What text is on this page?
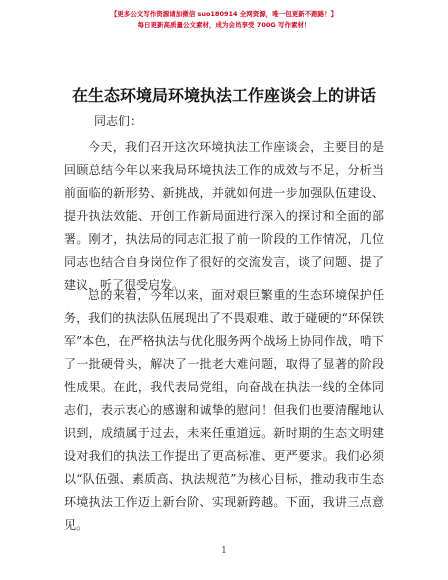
【更多公文写作资源请加微信 suo180914 全网资源，唯一包更新不跑路！】
每日更新高质量公文素材，成为会员享受 700G 写作素材！
在生态环境局环境执法工作座谈会上的讲话
同志们：

今天，我们召开这次环境执法工作座谈会，主要目的是回顾总结今年以来我局环境执法工作的成效与不足，分析当前面临的新形势、新挑战，并就如何进一步加强队伍建设、提升执法效能、开创工作新局面进行深入的探讨和全面的部署。刚才，执法局的同志汇报了前一阶段的工作情况，几位同志也结合自身岗位作了很好的交流发言，谈了问题、提了建议，听了很受启发。

总的来看，今年以来，面对艰巨繁重的生态环境保护任务，我们的执法队伍展现出了不畏艰难、敢于碰硬的“环保铁军”本色，在严格执法与优化服务两个战场上协同作战，啃下了一批硬骨头，解决了一批老大难问题，取得了显著的阶段性成果。在此，我代表局党组，向奋战在执法一线的全体同志们，表示衷心的感谢和诚挚的慰问！但我们也要清醒地认识到，成绩属于过去，未来任重道远。新时期的生态文明建设对我们的执法工作提出了更高标准、更严要求。我们必须以“队伍强、素质高、执法规范”为核心目标，推动我市生态环境执法工作迈上新台阶、实现新跨越。下面，我讲三点意见。

1
